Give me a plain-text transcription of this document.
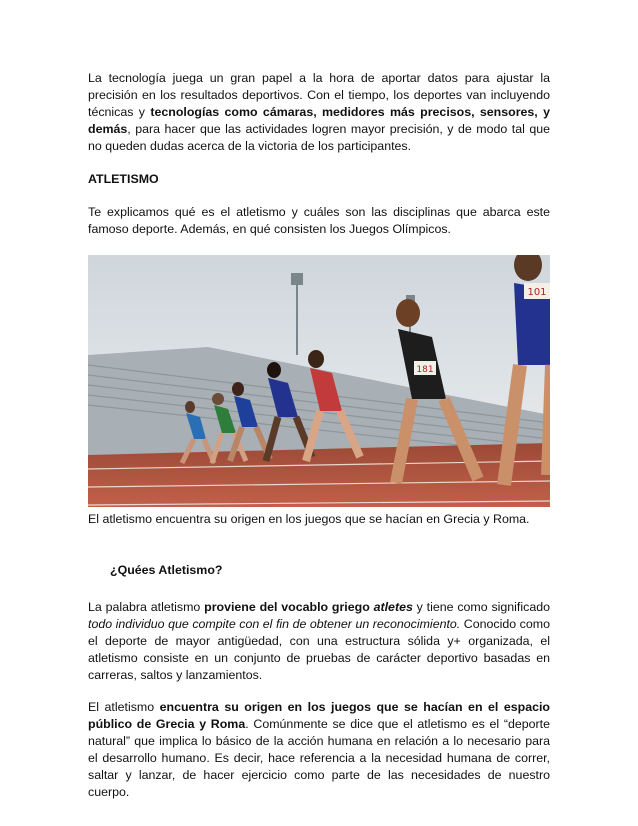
La tecnología juega un gran papel a la hora de aportar datos para ajustar la precisión en los resultados deportivos. Con el tiempo, los deportes van incluyendo técnicas y tecnologías como cámaras, medidores más precisos, sensores, y demás, para hacer que las actividades logren mayor precisión, y de modo tal que no queden dudas acerca de la victoria de los participantes.

ATLETISMO

Te explicamos qué es el atletismo y cuáles son las disciplinas que abarca este famoso deporte. Además, en qué consisten los Juegos Olímpicos.

181
101

El atletismo encuentra su origen en los juegos que se hacían en Grecia y Roma.

¿Quées Atletismo?

La palabra atletismo proviene del vocablo griego atletes y tiene como significado todo individuo que compite con el fin de obtener un reconocimiento. Conocido como el deporte de mayor antigüedad, con una estructura sólida y+ organizada, el atletismo consiste en un conjunto de pruebas de carácter deportivo basadas en carreras, saltos y lanzamientos.

El atletismo encuentra su origen en los juegos que se hacían en el espacio público de Grecia y Roma. Comúnmente se dice que el atletismo es el “deporte natural” que implica lo básico de la acción humana en relación a lo necesario para el desarrollo humano. Es decir, hace referencia a la necesidad humana de correr, saltar y lanzar, de hacer ejercicio como parte de las necesidades de nuestro cuerpo.
